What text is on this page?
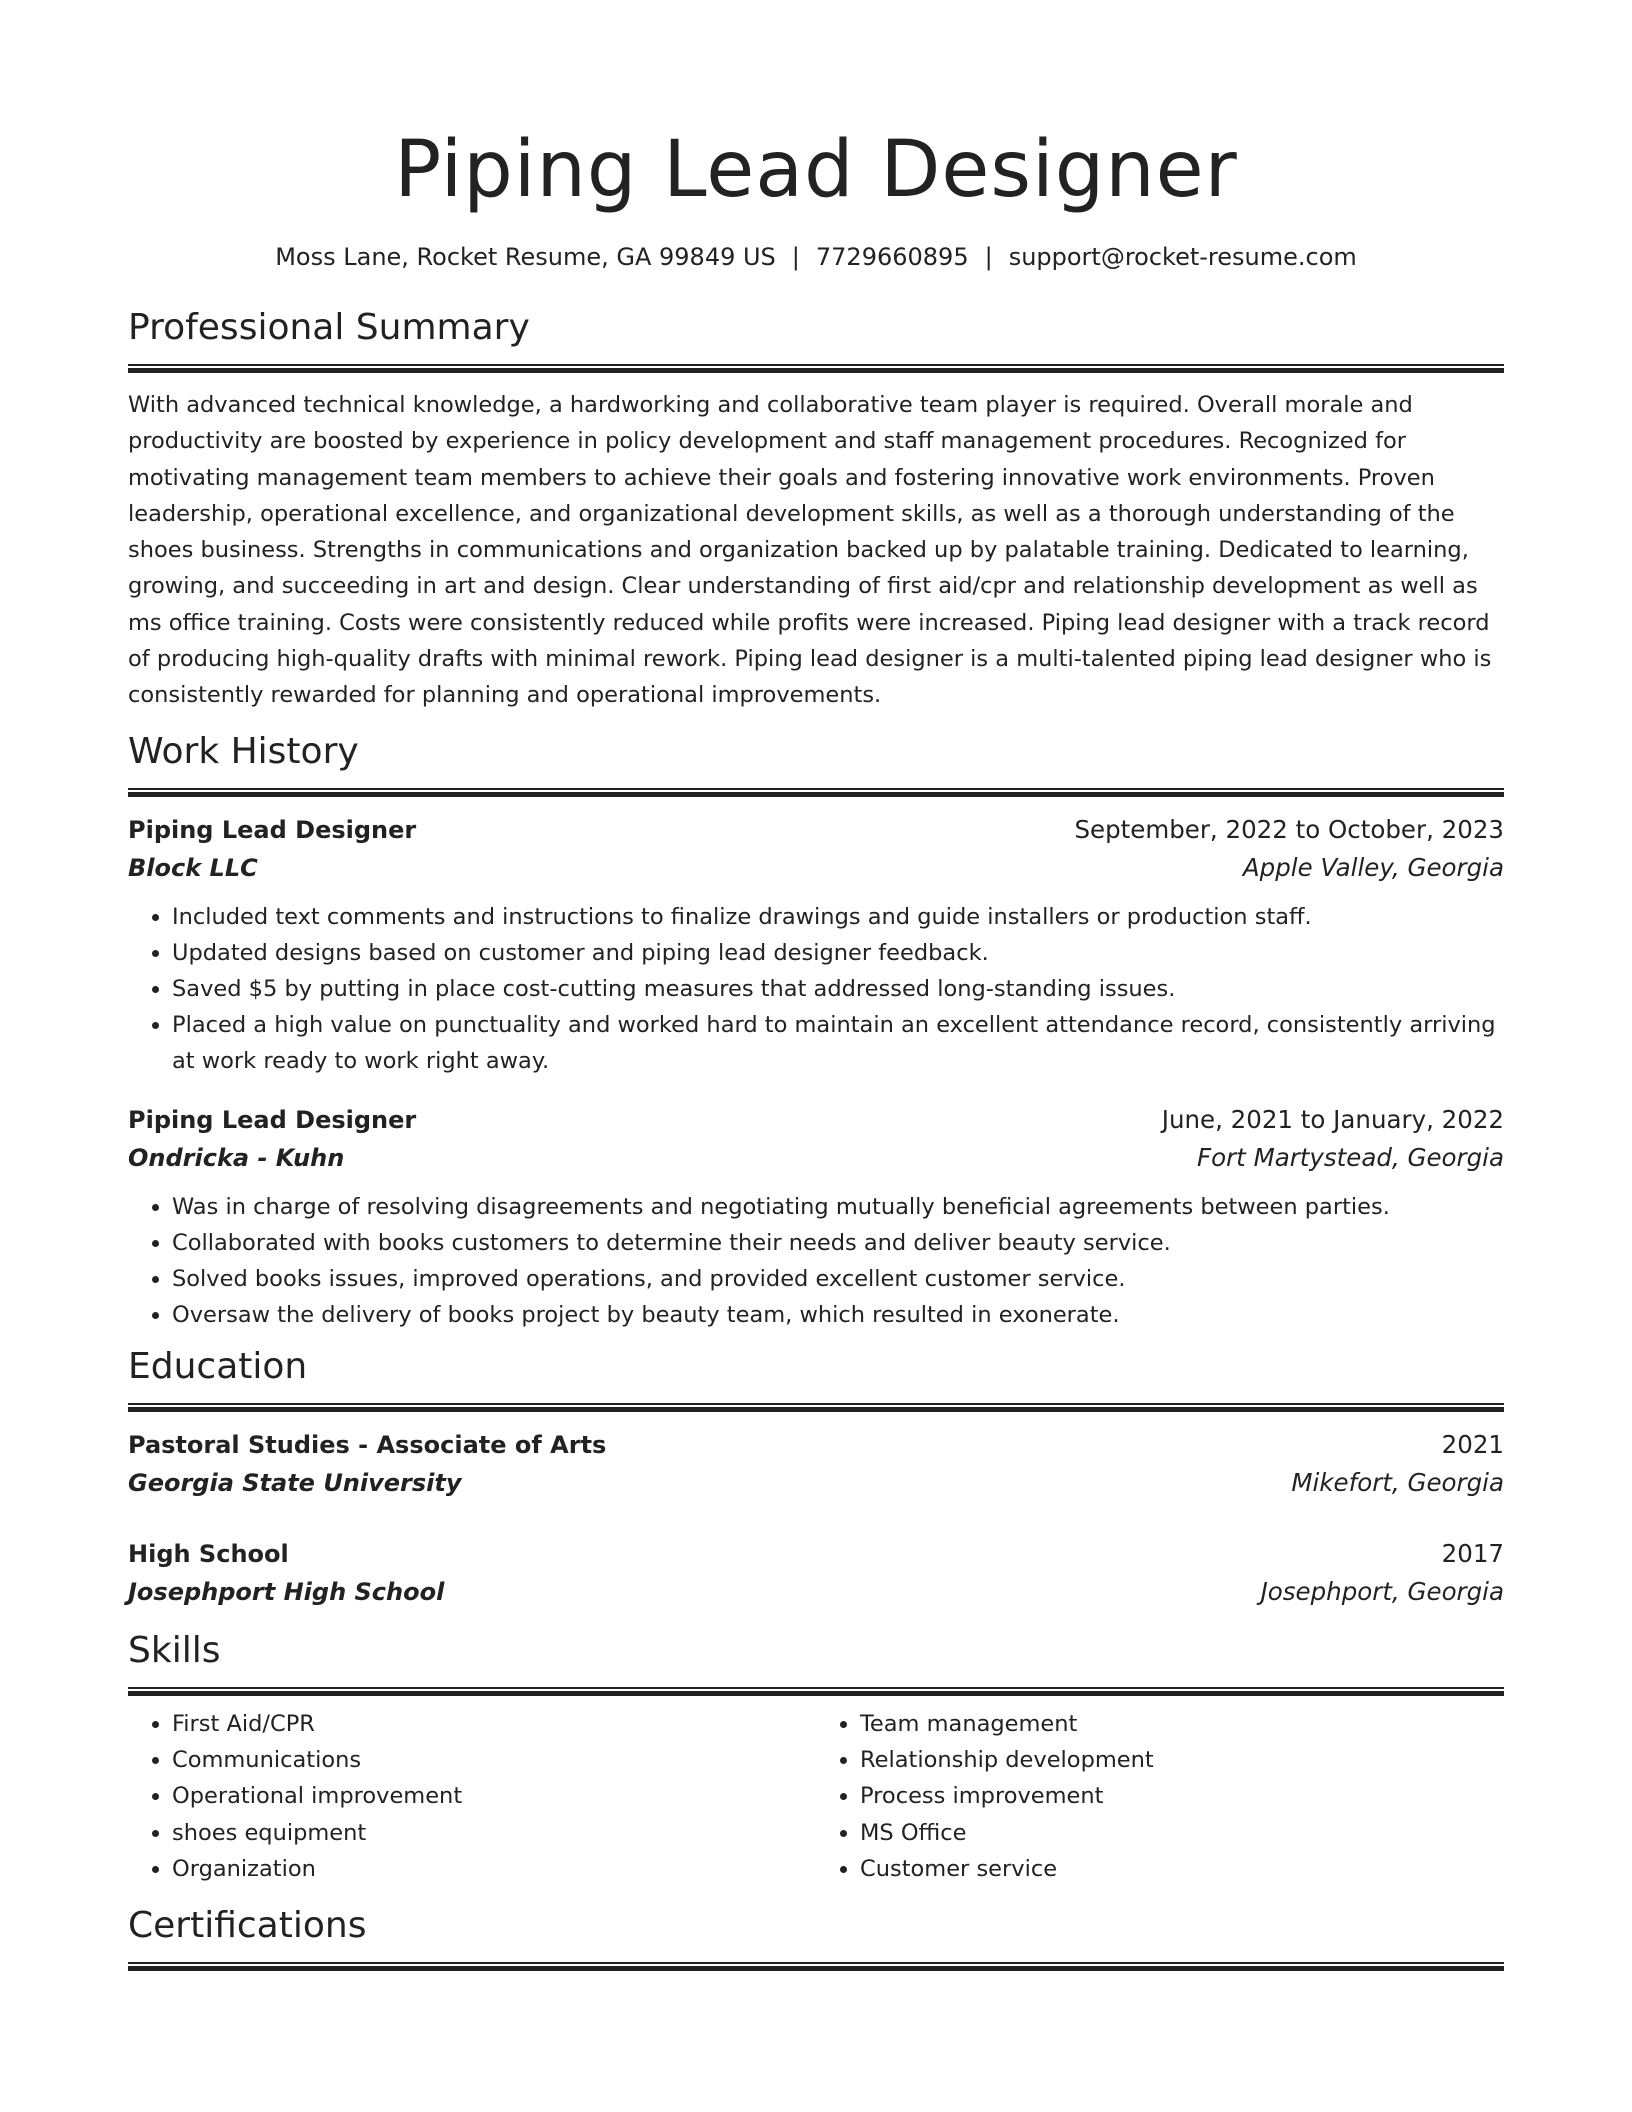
Piping Lead Designer
Moss Lane, Rocket Resume, GA 99849 US | 7729660895 | support@rocket-resume.com
Professional Summary

With advanced technical knowledge, a hardworking and collaborative team player is required. Overall morale and productivity are boosted by experience in policy development and staff management procedures. Recognized for motivating management team members to achieve their goals and fostering innovative work environments. Proven leadership, operational excellence, and organizational development skills, as well as a thorough understanding of the shoes business. Strengths in communications and organization backed up by palatable training. Dedicated to learning, growing, and succeeding in art and design. Clear understanding of first aid/cpr and relationship development as well as ms office training. Costs were consistently reduced while profits were increased. Piping lead designer with a track record of producing high-quality drafts with minimal rework. Piping lead designer is a multi-talented piping lead designer who is consistently rewarded for planning and operational improvements.

Work History
Piping Lead Designer	September, 2022 to October, 2023
Block LLC	Apple Valley, Georgia
• Included text comments and instructions to finalize drawings and guide installers or production staff.
• Updated designs based on customer and piping lead designer feedback.
• Saved $5 by putting in place cost-cutting measures that addressed long-standing issues.
• Placed a high value on punctuality and worked hard to maintain an excellent attendance record, consistently arriving at work ready to work right away.
Piping Lead Designer	June, 2021 to January, 2022
Ondricka - Kuhn	Fort Martystead, Georgia
• Was in charge of resolving disagreements and negotiating mutually beneficial agreements between parties.
• Collaborated with books customers to determine their needs and deliver beauty service.
• Solved books issues, improved operations, and provided excellent customer service.
• Oversaw the delivery of books project by beauty team, which resulted in exonerate.
Education
Pastoral Studies - Associate of Arts	2021
Georgia State University	Mikefort, Georgia
High School	2017
Josephport High School	Josephport, Georgia
Skills
• First Aid/CPR
• Communications
• Operational improvement
• shoes equipment
• Organization
• Team management
• Relationship development
• Process improvement
• MS Office
• Customer service
Certifications
